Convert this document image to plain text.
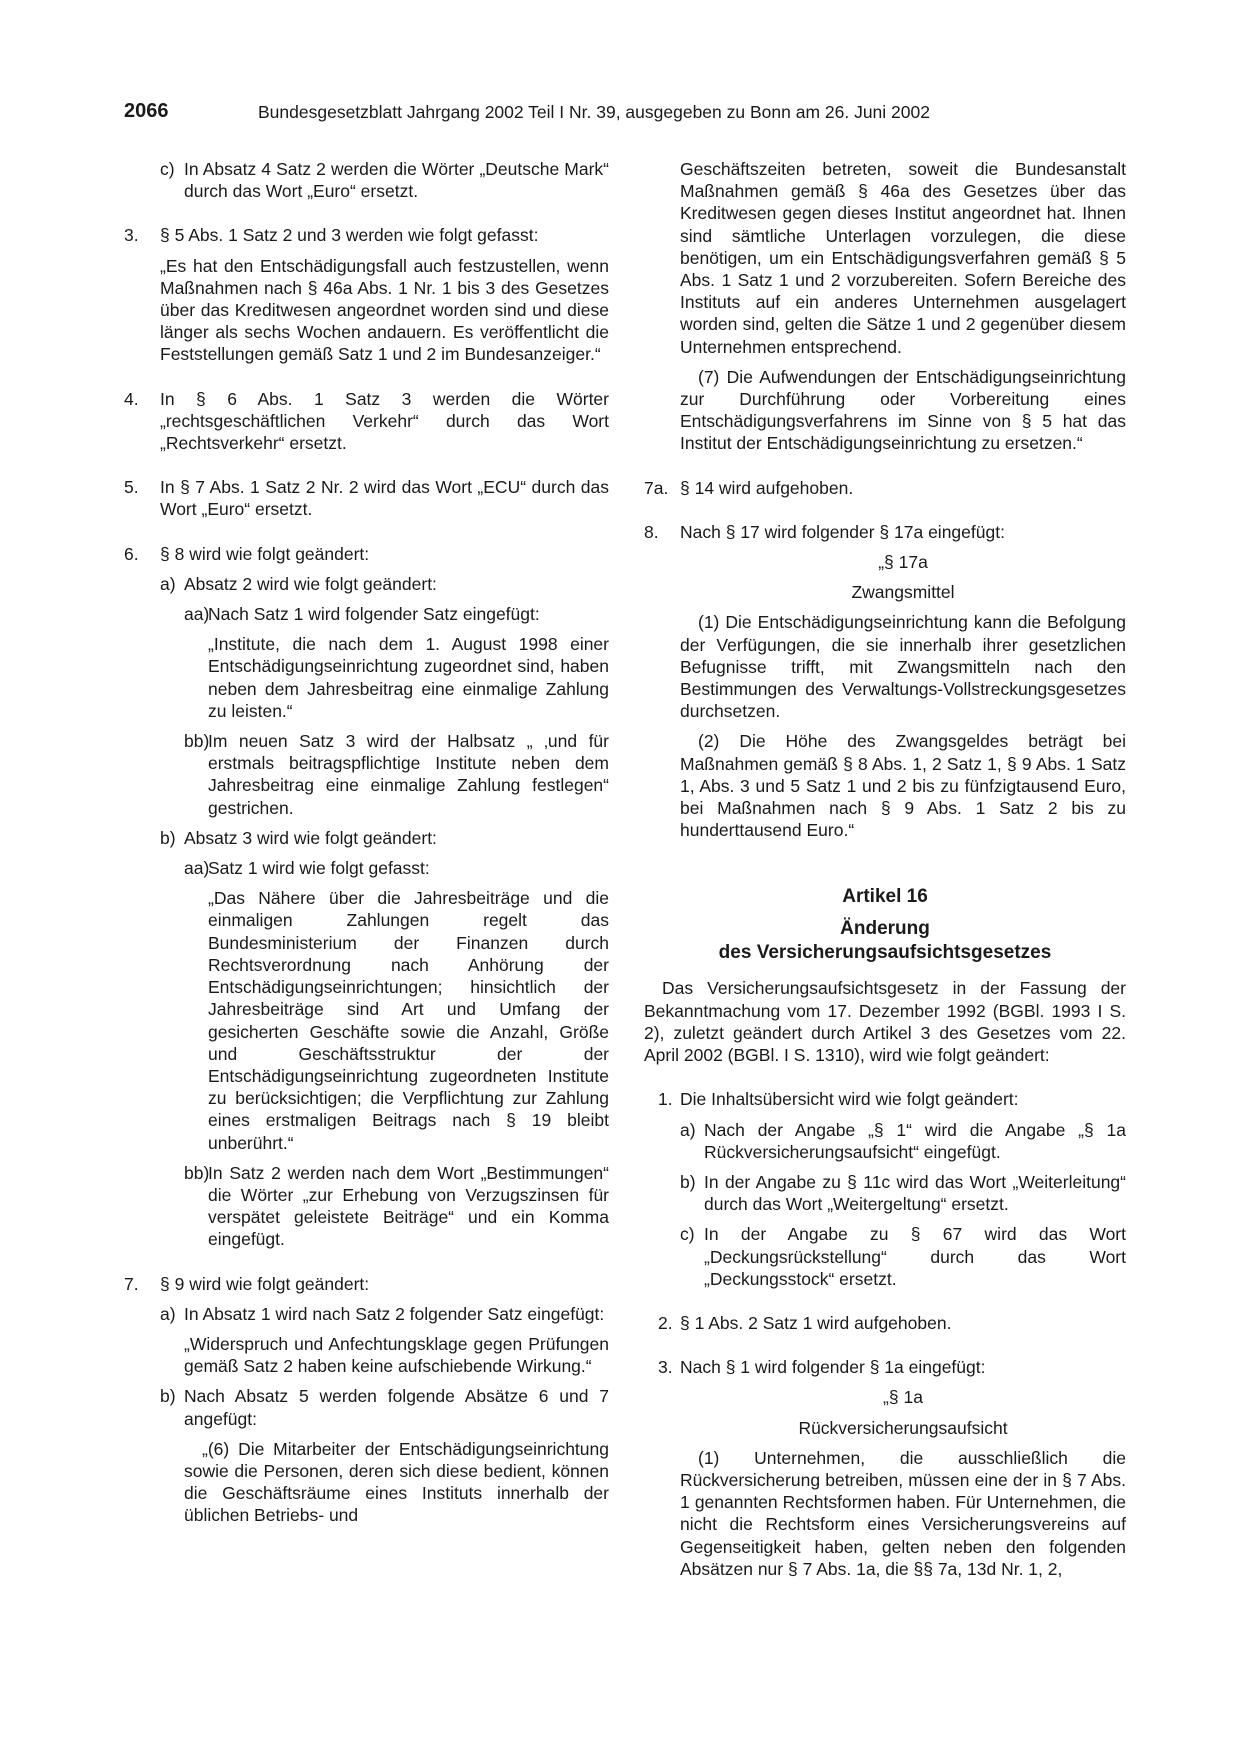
2066	Bundesgesetzblatt Jahrgang 2002 Teil I Nr. 39, ausgegeben zu Bonn am 26. Juni 2002
c) In Absatz 4 Satz 2 werden die Wörter „Deutsche Mark“ durch das Wort „Euro“ ersetzt.

3. § 5 Abs. 1 Satz 2 und 3 werden wie folgt gefasst:

„Es hat den Entschädigungsfall auch festzustellen, wenn Maßnahmen nach § 46a Abs. 1 Nr. 1 bis 3 des Gesetzes über das Kreditwesen angeordnet worden sind und diese länger als sechs Wochen andauern. Es veröffentlicht die Feststellungen gemäß Satz 1 und 2 im Bundesanzeiger.“

4. In § 6 Abs. 1 Satz 3 werden die Wörter „rechtsgeschäftlichen Verkehr“ durch das Wort „Rechtsverkehr“ ersetzt.

5. In § 7 Abs. 1 Satz 2 Nr. 2 wird das Wort „ECU“ durch das Wort „Euro“ ersetzt.

6. § 8 wird wie folgt geändert:

a) Absatz 2 wird wie folgt geändert:

aa)

Nach Satz 1 wird folgender Satz eingefügt:

„Institute, die nach dem 1. August 1998 einer Entschädigungseinrichtung zugeordnet sind, haben neben dem Jahresbeitrag eine einmalige Zahlung zu leisten.“

bb)

Im neuen Satz 3 wird der Halbsatz „ ‚und für erstmals beitragspflichtige Institute neben dem Jahresbeitrag eine einmalige Zahlung festlegen“ gestrichen.

b) Absatz 3 wird wie folgt geändert:

aa)

Satz 1 wird wie folgt gefasst:

„Das Nähere über die Jahresbeiträge und die einmaligen Zahlungen regelt das Bundesministerium der Finanzen durch Rechtsverordnung nach Anhörung der Entschädigungseinrichtungen; hinsichtlich der Jahresbeiträge sind Art und Umfang der gesicherten Geschäfte sowie die Anzahl, Größe und Geschäftsstruktur der der Entschädigungseinrichtung zugeordneten Institute zu berücksichtigen; die Verpflichtung zur Zahlung eines erstmaligen Beitrags nach § 19 bleibt unberührt.“

bb)

In Satz 2 werden nach dem Wort „Bestimmungen“ die Wörter „zur Erhebung von Verzugszinsen für verspätet geleistete Beiträge“ und ein Komma eingefügt.

7. § 9 wird wie folgt geändert:

a) In Absatz 1 wird nach Satz 2 folgender Satz eingefügt:

„Widerspruch und Anfechtungsklage gegen Prüfungen gemäß Satz 2 haben keine aufschiebende Wirkung.“

b) Nach Absatz 5 werden folgende Absätze 6 und 7 angefügt:

„(6) Die Mitarbeiter der Entschädigungseinrichtung sowie die Personen, deren sich diese bedient, können die Geschäftsräume eines Instituts innerhalb der üblichen Betriebs- und

Geschäftszeiten betreten, soweit die Bundesanstalt Maßnahmen gemäß § 46a des Gesetzes über das Kreditwesen gegen dieses Institut angeordnet hat. Ihnen sind sämtliche Unterlagen vorzulegen, die diese benötigen, um ein Entschädigungsverfahren gemäß § 5 Abs. 1 Satz 1 und 2 vorzubereiten. Sofern Bereiche des Instituts auf ein anderes Unternehmen ausgelagert worden sind, gelten die Sätze 1 und 2 gegenüber diesem Unternehmen entsprechend.

(7) Die Aufwendungen der Entschädigungseinrichtung zur Durchführung oder Vorbereitung eines Entschädigungsverfahrens im Sinne von § 5 hat das Institut der Entschädigungseinrichtung zu ersetzen.“

7a. § 14 wird aufgehoben.

8. Nach § 17 wird folgender § 17a eingefügt:

„§ 17a

Zwangsmittel

(1) Die Entschädigungseinrichtung kann die Befolgung der Verfügungen, die sie innerhalb ihrer gesetzlichen Befugnisse trifft, mit Zwangsmitteln nach den Bestimmungen des Verwaltungs-Vollstreckungsgesetzes durchsetzen.

(2) Die Höhe des Zwangsgeldes beträgt bei Maßnahmen gemäß § 8 Abs. 1, 2 Satz 1, § 9 Abs. 1 Satz 1, Abs. 3 und 5 Satz 1 und 2 bis zu fünfzigtausend Euro, bei Maßnahmen nach § 9 Abs. 1 Satz 2 bis zu hunderttausend Euro.“

Artikel 16

Änderung

des Versicherungsaufsichtsgesetzes

Das Versicherungsaufsichtsgesetz in der Fassung der Bekanntmachung vom 17. Dezember 1992 (BGBl. 1993 I S. 2), zuletzt geändert durch Artikel 3 des Gesetzes vom 22. April 2002 (BGBl. I S. 1310), wird wie folgt geändert:

1. Die Inhaltsübersicht wird wie folgt geändert:

a) Nach der Angabe „§ 1“ wird die Angabe „§ 1a Rückversicherungsaufsicht“ eingefügt.

b) In der Angabe zu § 11c wird das Wort „Weiterleitung“ durch das Wort „Weitergeltung“ ersetzt.

c) In der Angabe zu § 67 wird das Wort „Deckungsrückstellung“ durch das Wort „Deckungsstock“ ersetzt.

2. § 1 Abs. 2 Satz 1 wird aufgehoben.

3. Nach § 1 wird folgender § 1a eingefügt:

„§ 1a

Rückversicherungsaufsicht

(1) Unternehmen, die ausschließlich die Rückversicherung betreiben, müssen eine der in § 7 Abs. 1 genannten Rechtsformen haben. Für Unternehmen, die nicht die Rechtsform eines Versicherungsvereins auf Gegenseitigkeit haben, gelten neben den folgenden Absätzen nur § 7 Abs. 1a, die §§ 7a, 13d Nr. 1, 2,
